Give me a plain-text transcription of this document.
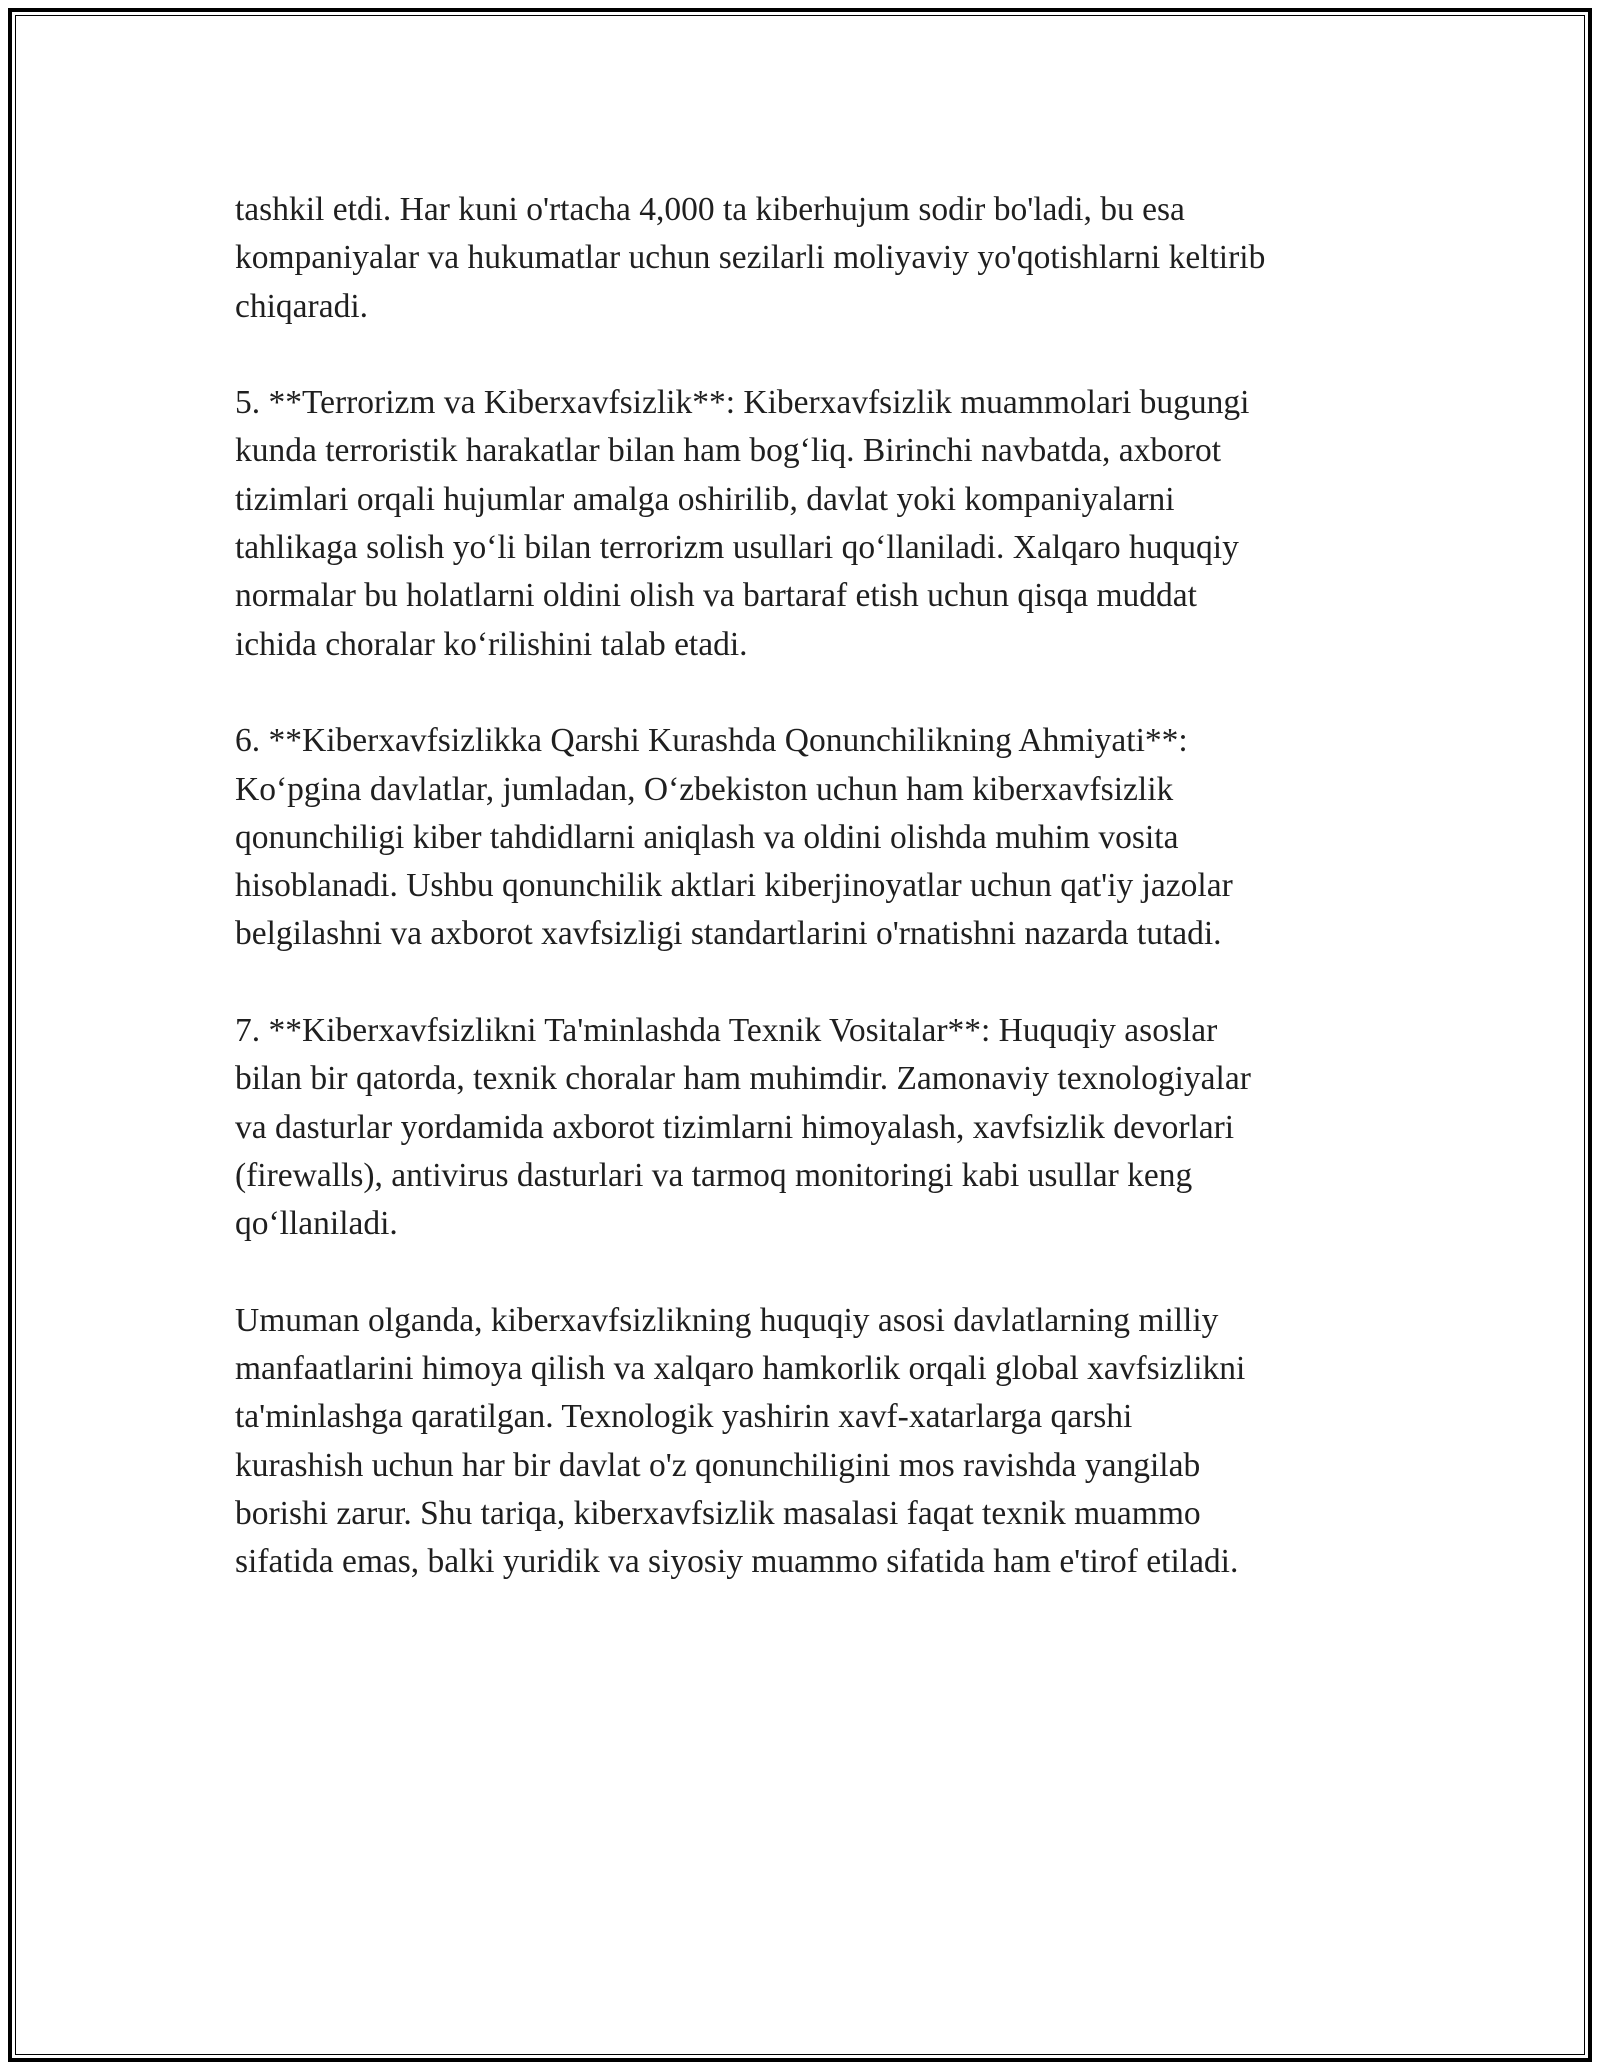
tashkil etdi. Har kuni o'rtacha 4,000 ta kiberhujum sodir bo'ladi, bu esa
kompaniyalar va hukumatlar uchun sezilarli moliyaviy yo'qotishlarni keltirib
chiqaradi.

5. **Terrorizm va Kiberxavfsizlik**: Kiberxavfsizlik muammolari bugungi
kunda terroristik harakatlar bilan ham bog‘liq. Birinchi navbatda, axborot
tizimlari orqali hujumlar amalga oshirilib, davlat yoki kompaniyalarni
tahlikaga solish yo‘li bilan terrorizm usullari qo‘llaniladi. Xalqaro huquqiy
normalar bu holatlarni oldini olish va bartaraf etish uchun qisqa muddat
ichida choralar ko‘rilishini talab etadi.

6. **Kiberxavfsizlikka Qarshi Kurashda Qonunchilikning Ahmiyati**:
Ko‘pgina davlatlar, jumladan, O‘zbekiston uchun ham kiberxavfsizlik
qonunchiligi kiber tahdidlarni aniqlash va oldini olishda muhim vosita
hisoblanadi. Ushbu qonunchilik aktlari kiberjinoyatlar uchun qat'iy jazolar
belgilashni va axborot xavfsizligi standartlarini o'rnatishni nazarda tutadi.

7. **Kiberxavfsizlikni Ta'minlashda Texnik Vositalar**: Huquqiy asoslar
bilan bir qatorda, texnik choralar ham muhimdir. Zamonaviy texnologiyalar
va dasturlar yordamida axborot tizimlarni himoyalash, xavfsizlik devorlari
(firewalls), antivirus dasturlari va tarmoq monitoringi kabi usullar keng
qo‘llaniladi.

Umuman olganda, kiberxavfsizlikning huquqiy asosi davlatlarning milliy
manfaatlarini himoya qilish va xalqaro hamkorlik orqali global xavfsizlikni
ta'minlashga qaratilgan. Texnologik yashirin xavf-xatarlarga qarshi
kurashish uchun har bir davlat o'z qonunchiligini mos ravishda yangilab
borishi zarur. Shu tariqa, kiberxavfsizlik masalasi faqat texnik muammo
sifatida emas, balki yuridik va siyosiy muammo sifatida ham e'tirof etiladi.
